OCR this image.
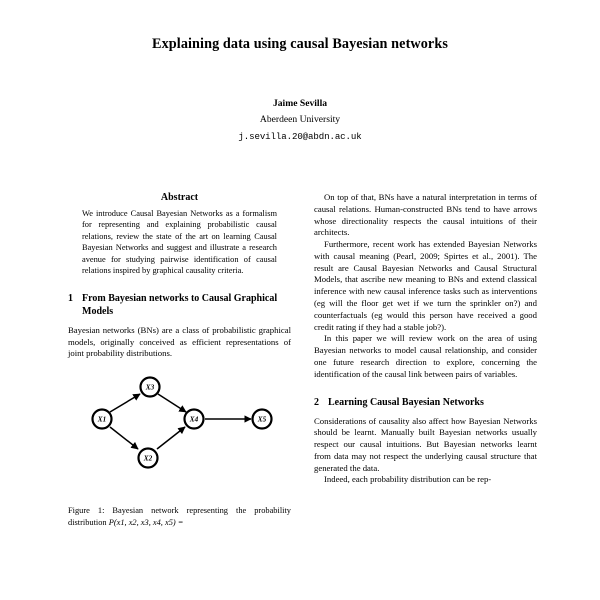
Explaining data using causal Bayesian networks
Jaime Sevilla
Aberdeen University
j.sevilla.20@abdn.ac.uk
Abstract

We introduce Causal Bayesian Networks as a formalism for representing and explaining probabilistic causal relations, review the state of the art on learning Causal Bayesian Networks and suggest and illustrate a research avenue for studying pairwise identification of causal relations inspired by graphical causality criteria.

1 From Bayesian networks to Causal Graphical Models

Bayesian networks (BNs) are a class of probabilistic graphical models, originally conceived as efficient representations of joint probability distributions.

X1
X3
X2
X4	X5
Figure 1: Bayesian network representing the probability distribution P(x1, x2, x3, x4, x5) =

On top of that, BNs have a natural interpretation in terms of causal relations. Human-constructed BNs tend to have arrows whose directionality respects the causal intuitions of their architects.

Furthermore, recent work has extended Bayesian Networks with causal meaning (Pearl, 2009; Spirtes et al., 2001). The result are Causal Bayesian Networks and Causal Structural Models, that ascribe new meaning to BNs and extend classical inference with new causal inference tasks such as interventions (eg will the floor get wet if we turn the sprinkler on?) and counterfactuals (eg would this person have received a good credit rating if they had a stable job?).

In this paper we will review work on the area of using Bayesian networks to model causal relationship, and consider one future research direction to explore, concerning the identification of the causal link between pairs of variables.

2 Learning Causal Bayesian Networks

Considerations of causality also affect how Bayesian Networks should be learnt. Manually built Bayesian networks usually respect our causal intuitions. But Bayesian networks learnt from data may not respect the underlying causal structure that generated the data.

Indeed, each probability distribution can be rep-
